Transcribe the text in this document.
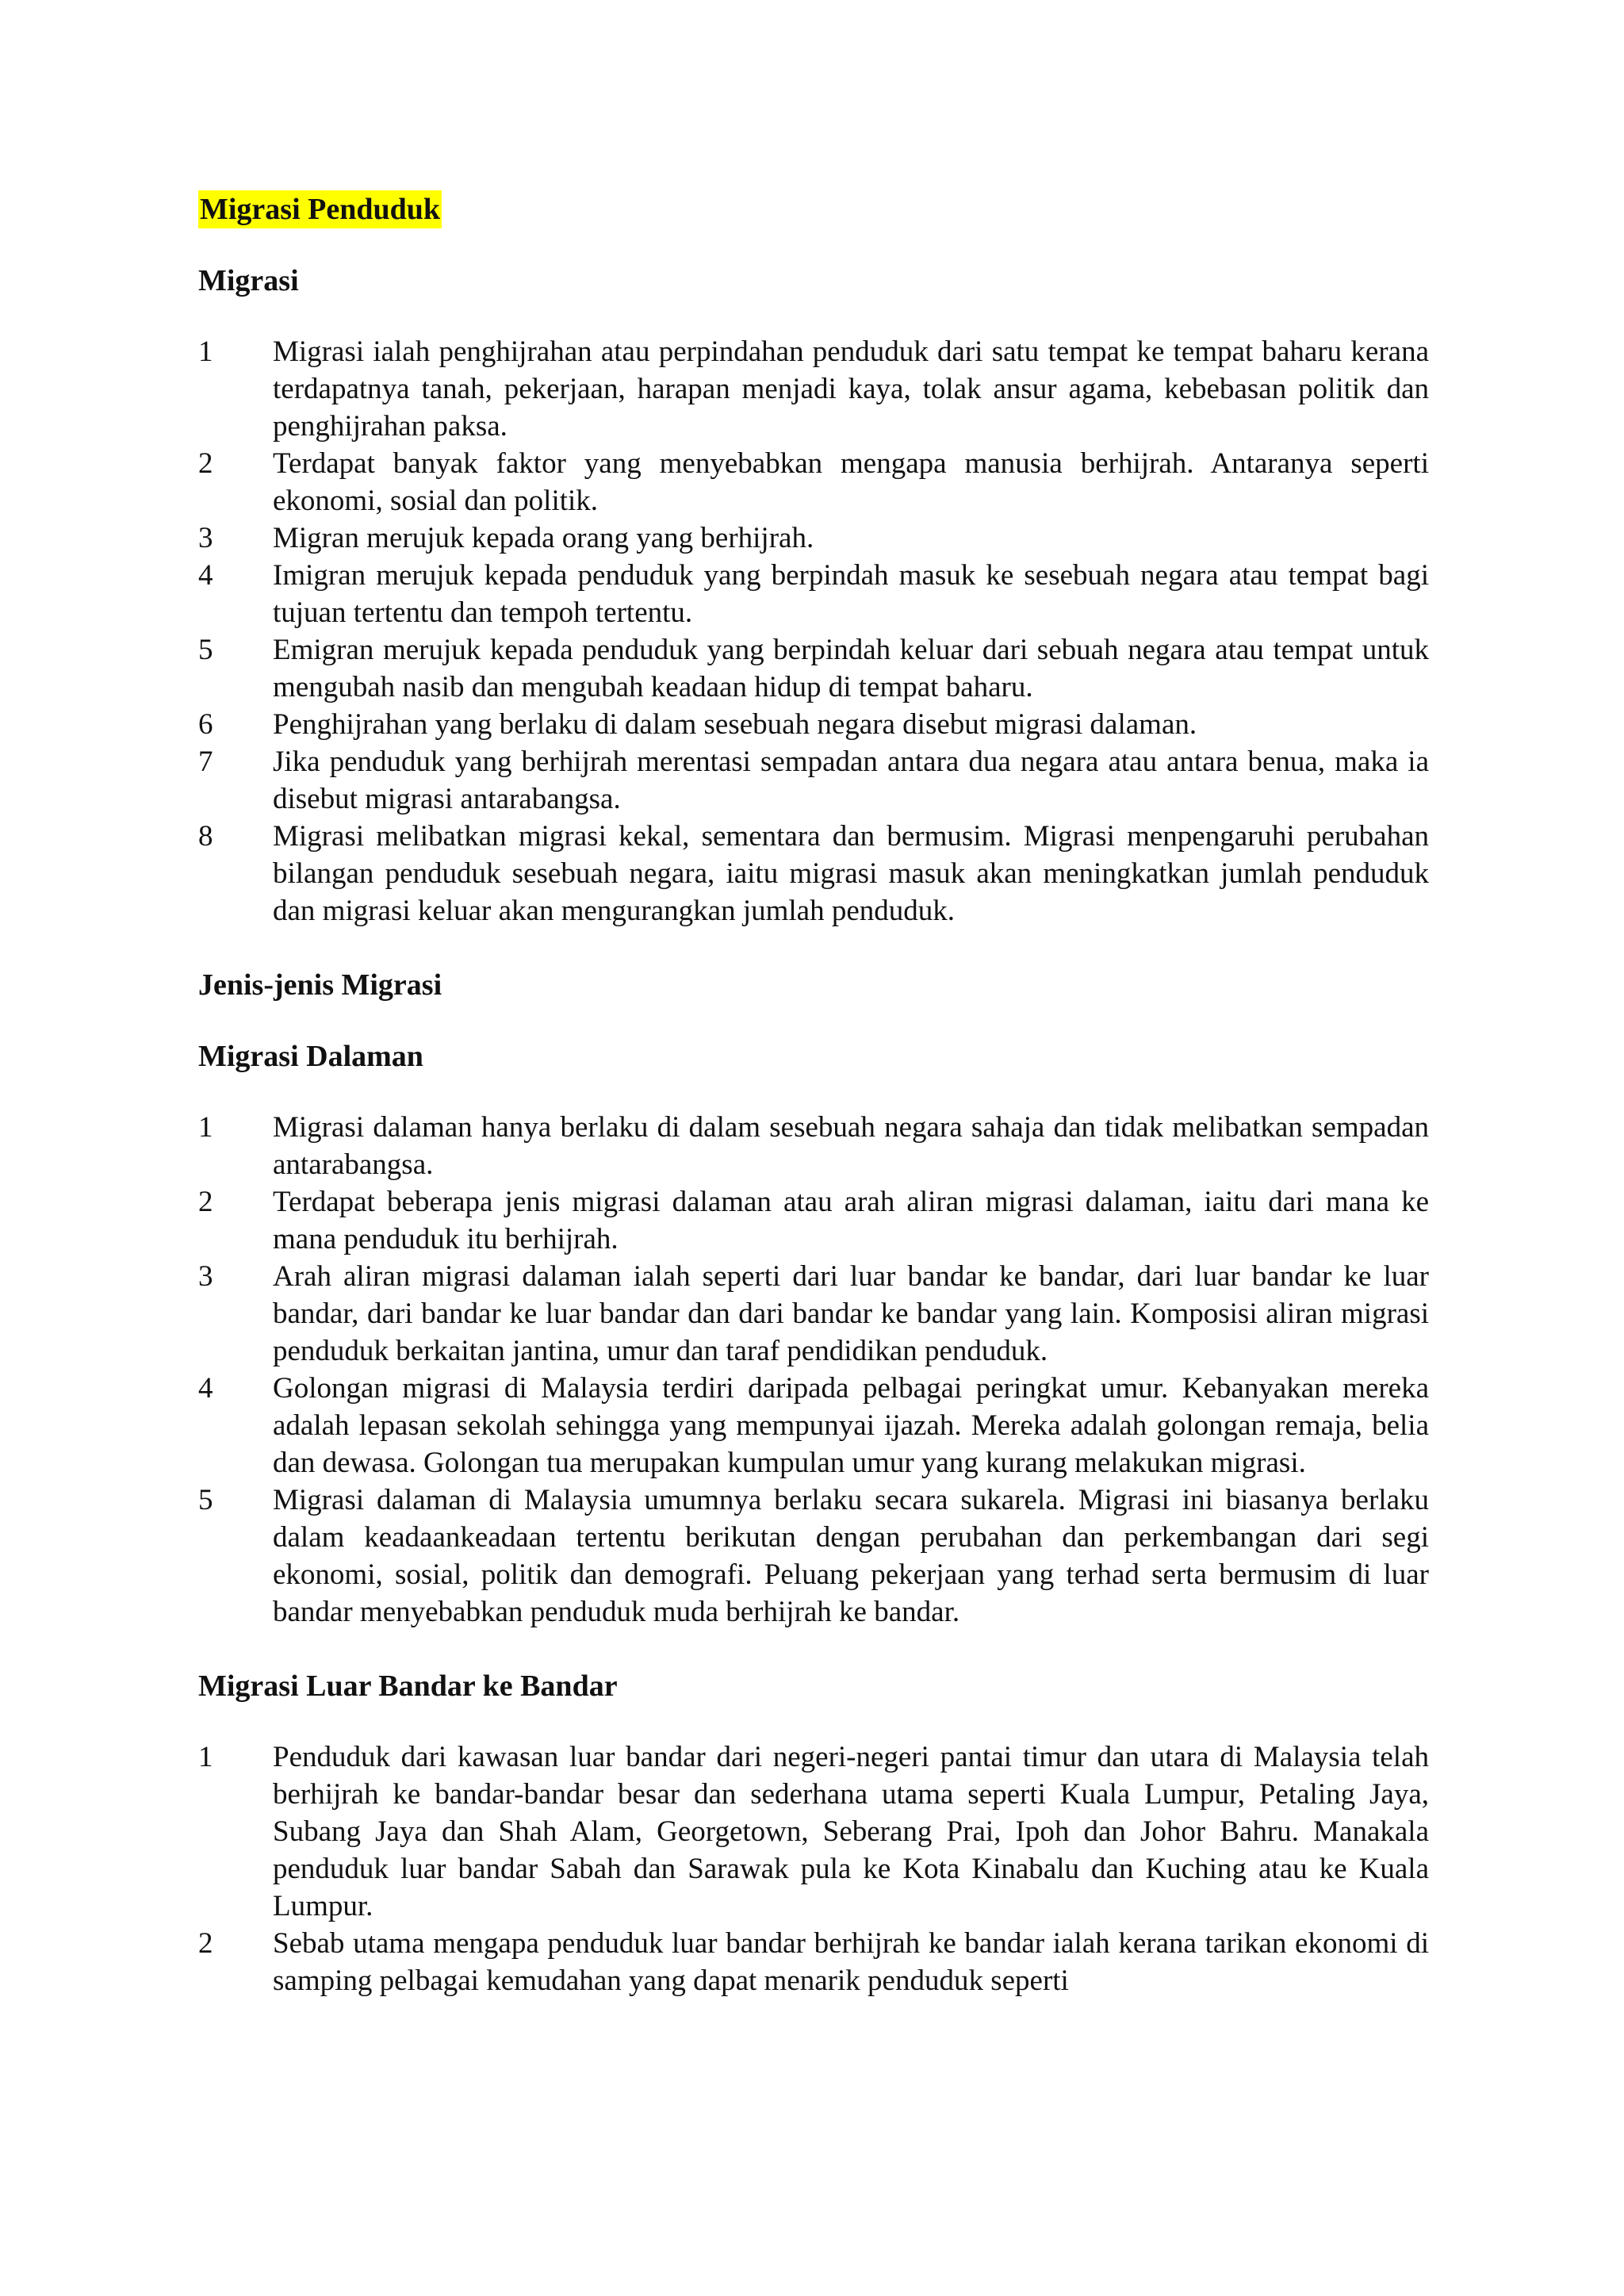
Migrasi Penduduk
Migrasi
1	Migrasi ialah penghijrahan atau perpindahan penduduk dari satu tempat ke tempat baharu kerana terdapatnya tanah, pekerjaan, harapan menjadi kaya, tolak ansur agama, kebebasan politik dan penghijrahan paksa.
2	Terdapat banyak faktor yang menyebabkan mengapa manusia berhijrah. Antaranya seperti ekonomi, sosial dan politik.
3	Migran merujuk kepada orang yang berhijrah.
4	Imigran merujuk kepada penduduk yang berpindah masuk ke sesebuah negara atau tempat bagi tujuan tertentu dan tempoh tertentu.
5	Emigran merujuk kepada penduduk yang berpindah keluar dari sebuah negara atau tempat untuk mengubah nasib dan mengubah keadaan hidup di tempat baharu.
6	Penghijrahan yang berlaku di dalam sesebuah negara disebut migrasi dalaman.
7	Jika penduduk yang berhijrah merentasi sempadan antara dua negara atau antara benua, maka ia disebut migrasi antarabangsa.
8	Migrasi melibatkan migrasi kekal, sementara dan bermusim. Migrasi menpengaruhi perubahan bilangan penduduk sesebuah negara, iaitu migrasi masuk akan meningkatkan jumlah penduduk dan migrasi keluar akan mengurangkan jumlah penduduk.
Jenis-jenis Migrasi
Migrasi Dalaman
1	Migrasi dalaman hanya berlaku di dalam sesebuah negara sahaja dan tidak melibatkan sempadan antarabangsa.
2	Terdapat beberapa jenis migrasi dalaman atau arah aliran migrasi dalaman, iaitu dari mana ke mana penduduk itu berhijrah.
3	Arah aliran migrasi dalaman ialah seperti dari luar bandar ke bandar, dari luar bandar ke luar bandar, dari bandar ke luar bandar dan dari bandar ke bandar yang lain. Komposisi aliran migrasi penduduk berkaitan jantina, umur dan taraf pendidikan penduduk.
4	Golongan migrasi di Malaysia terdiri daripada pelbagai peringkat umur. Kebanyakan mereka adalah lepasan sekolah sehingga yang mempunyai ijazah. Mereka adalah golongan remaja, belia dan dewasa. Golongan tua merupakan kumpulan umur yang kurang melakukan migrasi.
5	Migrasi dalaman di Malaysia umumnya berlaku secara sukarela. Migrasi ini biasanya berlaku dalam keadaankeadaan tertentu berikutan dengan perubahan dan perkembangan dari segi ekonomi, sosial, politik dan demografi. Peluang pekerjaan yang terhad serta bermusim di luar bandar menyebabkan penduduk muda berhijrah ke bandar.
Migrasi Luar Bandar ke Bandar
1	Penduduk dari kawasan luar bandar dari negeri-negeri pantai timur dan utara di Malaysia telah berhijrah ke bandar-bandar besar dan sederhana utama seperti Kuala Lumpur, Petaling Jaya, Subang Jaya dan Shah Alam, Georgetown, Seberang Prai, Ipoh dan Johor Bahru. Manakala penduduk luar bandar Sabah dan Sarawak pula ke Kota Kinabalu dan Kuching atau ke Kuala Lumpur.
2	Sebab utama mengapa penduduk luar bandar berhijrah ke bandar ialah kerana tarikan ekonomi di samping pelbagai kemudahan yang dapat menarik penduduk seperti
